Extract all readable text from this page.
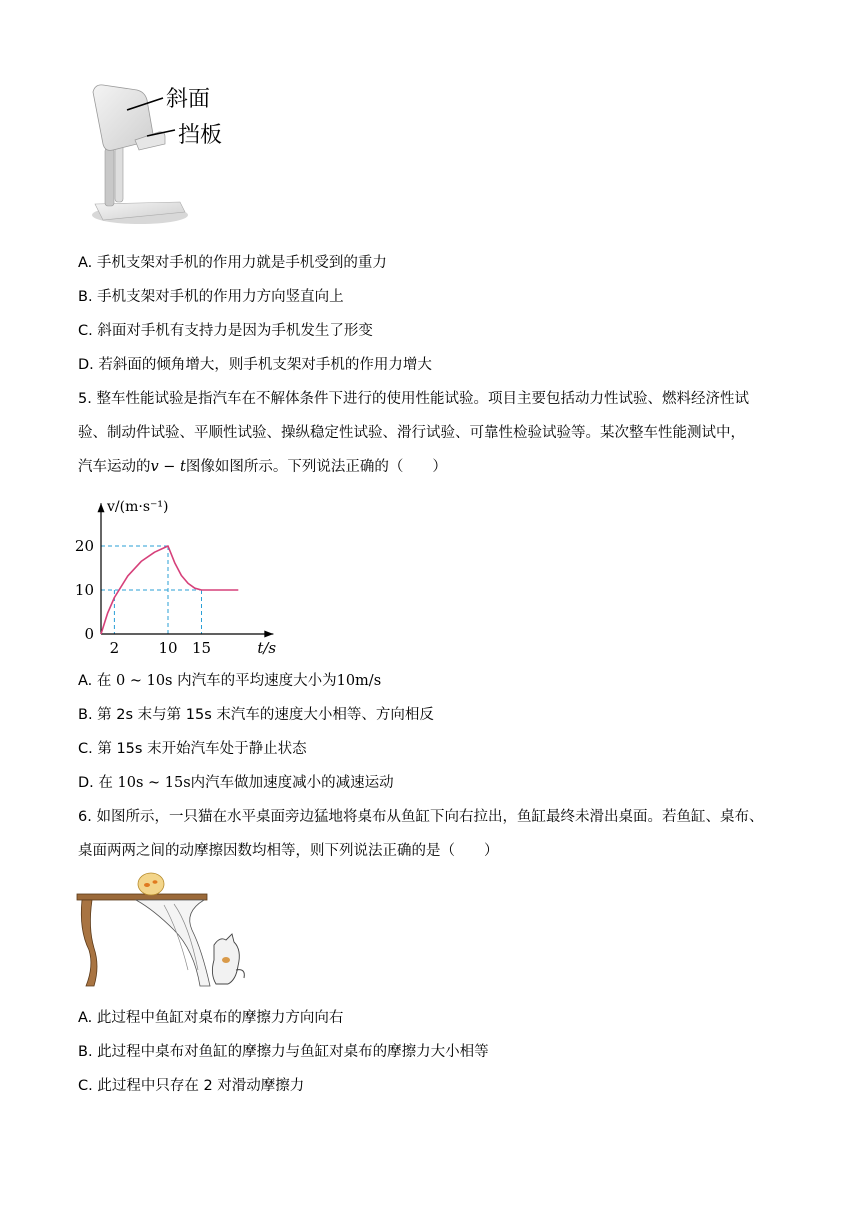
斜面
挡板
A. 手机支架对手机的作用力就是手机受到的重力
B. 手机支架对手机的作用力方向竖直向上
C. 斜面对手机有支持力是因为手机发生了形变
D. 若斜面的倾角增大，则手机支架对手机的作用力增大
5. 整车性能试验是指汽车在不解体条件下进行的使用性能试验。项目主要包括动力性试验、燃料经济性试
验、制动件试验、平顺性试验、操纵稳定性试验、滑行试验、可靠性检验试验等。某次整车性能测试中，
汽车运动的v − t图像如图所示。下列说法正确的（　　）
2	10 15
10
20
0
v/(m·s⁻¹)
t/s
A. 在 0 ~ 10s 内汽车的平均速度大小为10m/s
B. 第 2s 末与第 15s 末汽车的速度大小相等、方向相反
C. 第 15s 末开始汽车处于静止状态
D. 在 10s ~ 15s内汽车做加速度减小的减速运动
6. 如图所示，一只猫在水平桌面旁边猛地将桌布从鱼缸下向右拉出，鱼缸最终未滑出桌面。若鱼缸、桌布、
桌面两两之间的动摩擦因数均相等，则下列说法正确的是（　　）
A. 此过程中鱼缸对桌布的摩擦力方向向右
B. 此过程中桌布对鱼缸的摩擦力与鱼缸对桌布的摩擦力大小相等
C. 此过程中只存在 2 对滑动摩擦力
